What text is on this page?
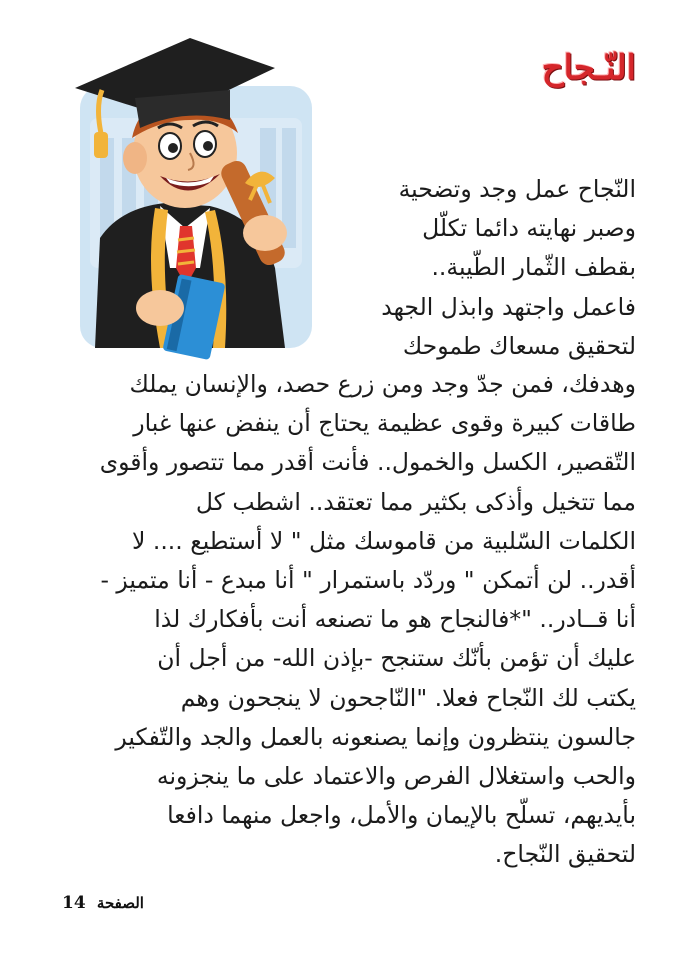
النّـجاح
النّجاح عمل وجد وتضحية
وصبر نهايته دائما تكلّل
بقطف الثّمار الطّيبة..
فاعمل واجتهد وابذل الجهد
لتحقيق مسعاك طموحك
وهدفك، فمن جدّ وجد ومن زرع حصد، والإنسان يملك
طاقات كبيرة وقوى عظيمة يحتاج أن ينفض عنها غبار
التّقصير، الكسل والخمول.. فأنت أقدر مما تتصور وأقوى
مما تتخيل وأذكى بكثير مما تعتقد.. اشطب كل
الكلمات السّلبية من قاموسك مثل " لا أستطيع .... لا
أقدر.. لن أتمكن " وردّد باستمرار " أنا مبدع - أنا متميز -
أنا قــادر.. "*فالنجاح هو ما تصنعه أنت بأفكارك لذا
عليك أن تؤمن بأنّك ستنجح -بإذن الله- من أجل أن
يكتب لك النّجاح فعلا. "النّاجحون لا ينجحون وهم
جالسون ينتظرون وإنما يصنعونه بالعمل والجد والتّفكير
والحب واستغلال الفرص والاعتماد على ما ينجزونه
بأيديهم، تسلّح بالإيمان والأمل، واجعل منهما دافعا
لتحقيق النّجاح.
الصفحة 14
